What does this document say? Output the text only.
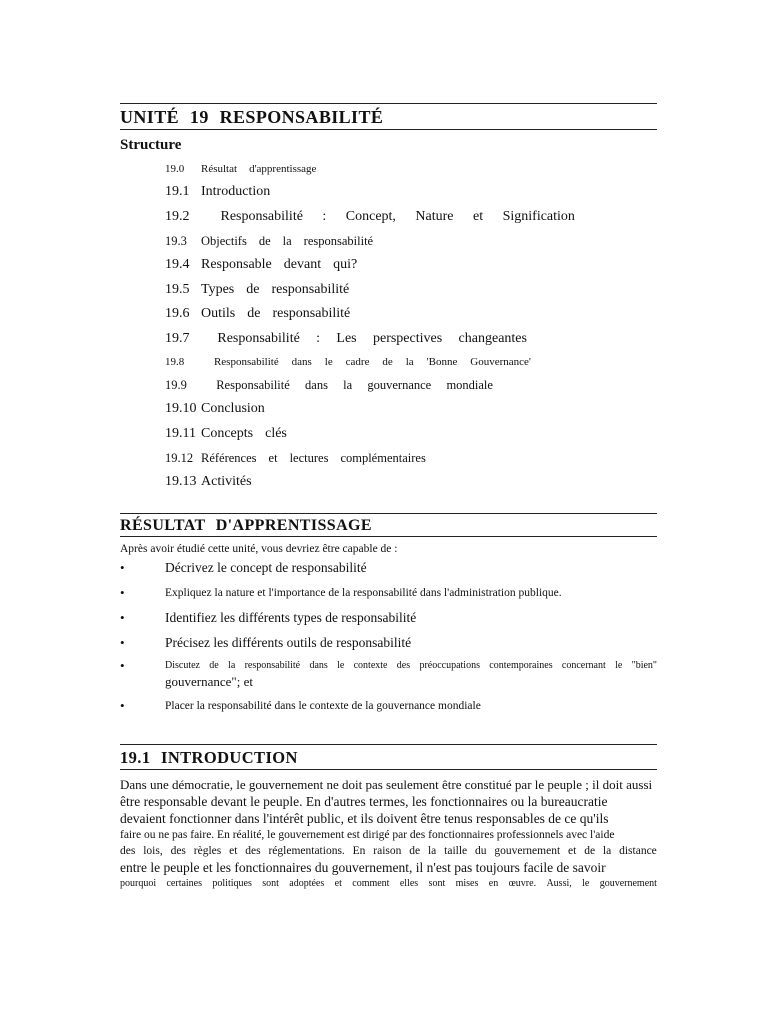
UNITÉ 19 RESPONSABILITÉ
Structure
19.0	Résultat d'apprentissage
19.1 Introduction
19.2	Responsabilité : Concept, Nature et Signification
19.3	Objectifs de la responsabilité
19.4 Responsable devant qui?
19.5 Types de responsabilité
19.6 Outils de responsabilité
19.7	Responsabilité : Les perspectives changeantes
19.8	Responsabilité dans le cadre de la 'Bonne Gouvernance'
19.9	Responsabilité dans la gouvernance mondiale
19.10 Conclusion
19.11 Concepts clés
19.12 Références et lectures complémentaires
19.13 Activités
RÉSULTAT D'APPRENTISSAGE
Après avoir étudié cette unité, vous devriez être capable de :
•	Décrivez le concept de responsabilité
•	Expliquez la nature et l'importance de la responsabilité dans l'administration publique.
•	Identifiez les différents types de responsabilité
•	Précisez les différents outils de responsabilité
•	Discutez de la responsabilité dans le contexte des préoccupations contemporaines concernant le "bien"
gouvernance"; et
•	Placer la responsabilité dans le contexte de la gouvernance mondiale
19.1 INTRODUCTION
Dans une démocratie, le gouvernement ne doit pas seulement être constitué par le peuple ; il doit aussi
être responsable devant le peuple. En d'autres termes, les fonctionnaires ou la bureaucratie
devaient fonctionner dans l'intérêt public, et ils doivent être tenus responsables de ce qu'ils
faire ou ne pas faire. En réalité, le gouvernement est dirigé par des fonctionnaires professionnels avec l'aide
des lois, des règles et des réglementations. En raison de la taille du gouvernement et de la distance
entre le peuple et les fonctionnaires du gouvernement, il n'est pas toujours facile de savoir
pourquoi certaines politiques sont adoptées et comment elles sont mises en œuvre. Aussi, le gouvernement
